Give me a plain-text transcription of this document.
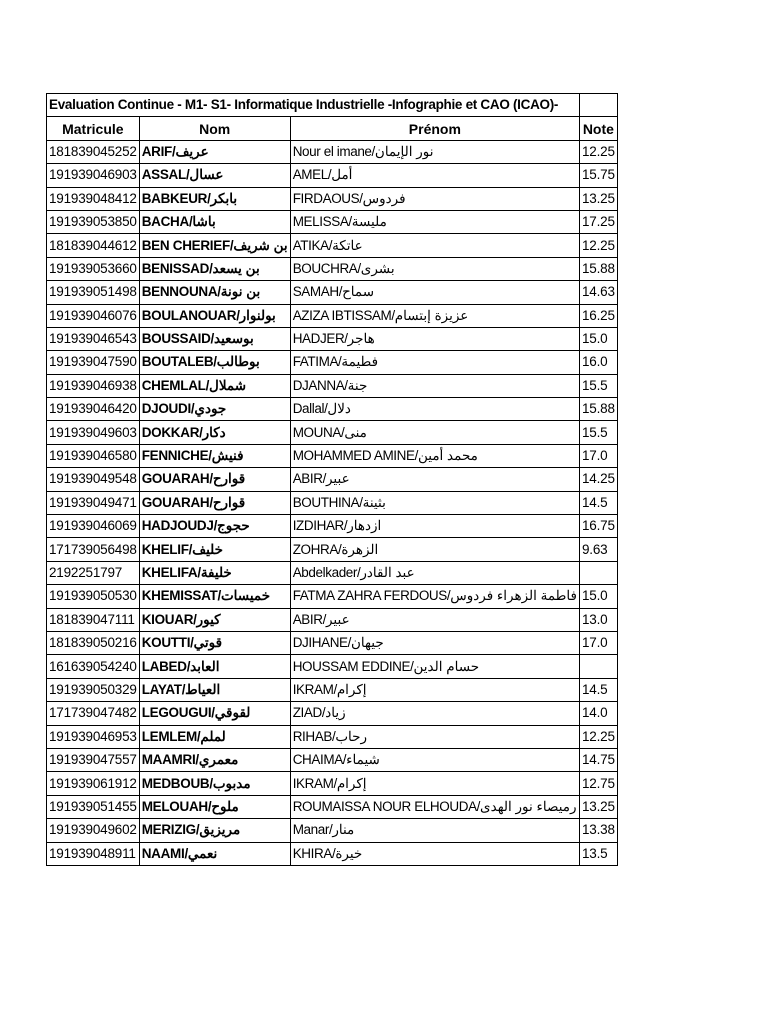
Evaluation Continue - M1- S1- Informatique Industrielle -Infographie et CAO (ICAO)-			
Matricule	Nom	Prénom	Note
181839045252	ARIF/عريف	Nour el imane/نور الإيمان	12.25
191939046903	ASSAL/عسال	AMEL/أمل	15.75
191939048412	BABKEUR/بابكر	FIRDAOUS/فردوس	13.25
191939053850	BACHA/باشا	MELISSA/مليسة	17.25
181839044612	BEN CHERIEF/بن شريف	ATIKA/عاتكة	12.25
191939053660	BENISSAD/بن يسعد	BOUCHRA/بشرى	15.88
191939051498	BENNOUNA/بن نونة	SAMAH/سماح	14.63
191939046076	BOULANOUAR/بولنوار	AZIZA IBTISSAM/عزيزة إبتسام	16.25
191939046543	BOUSSAID/بوسعيد	HADJER/هاجر	15.0
191939047590	BOUTALEB/بوطالب	FATIMA/فطيمة	16.0
191939046938	CHEMLAL/شملال	DJANNA/جنة	15.5
191939046420	DJOUDI/جودي	Dallal/دلال	15.88
191939049603	DOKKAR/دكار	MOUNA/منى	15.5
191939046580	FENNICHE/فنيش	MOHAMMED AMINE/محمد أمين	17.0
191939049548	GOUARAH/قوارح	ABIR/عبير	14.25
191939049471	GOUARAH/قوارح	BOUTHINA/بثينة	14.5
191939046069	HADJOUDJ/حجوج	IZDIHAR/ازدهار	16.75
171739056498	KHELIF/خليف	ZOHRA/الزهرة	9.63
2192251797	KHELIFA/خليفة	Abdelkader/عبد القادر	
191939050530	KHEMISSAT/خميسات	FATMA ZAHRA FERDOUS/فاطمة الزهراء فردوس	15.0
181839047111	KIOUAR/كيور	ABIR/عبير	13.0
181839050216	KOUTTI/قوتي	DJIHANE/جيهان	17.0
161639054240	LABED/العابد	HOUSSAM EDDINE/حسام الدين	
191939050329	LAYAT/العياط	IKRAM/إكرام	14.5
171739047482	LEGOUGUI/لقوقي	ZIAD/زياد	14.0
191939046953	LEMLEM/لملم	RIHAB/رحاب	12.25
191939047557	MAAMRI/معمري	CHAIMA/شيماء	14.75
191939061912	MEDBOUB/مدبوب	IKRAM/إكرام	12.75
191939051455	MELOUAH/ملوح	ROUMAISSA NOUR ELHOUDA/رميصاء نور الهدى	13.25
191939049602	MERIZIG/مريزيق	Manar/منار	13.38
191939048911	NAAMI/نعمي	KHIRA/خيرة	13.5
